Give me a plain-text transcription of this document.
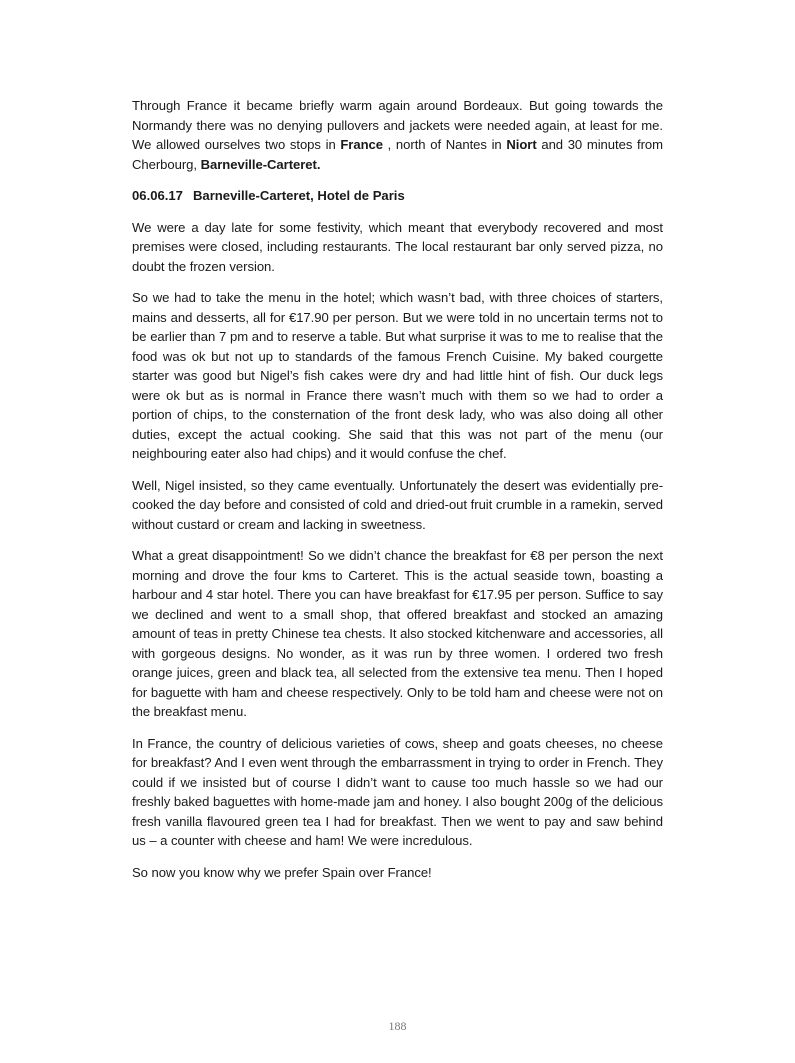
Through France it became briefly warm again around Bordeaux. But going towards the Normandy there was no denying pullovers and jackets were needed again, at least for me. We allowed ourselves two stops in France , north of Nantes in Niort and 30 minutes from Cherbourg, Barneville-Carteret.

06.06.17 Barneville-Carteret, Hotel de Paris

We were a day late for some festivity, which meant that everybody recovered and most premises were closed, including restaurants. The local restaurant bar only served pizza, no doubt the frozen version.

So we had to take the menu in the hotel; which wasn’t bad, with three choices of starters, mains and desserts, all for €17.90 per person. But we were told in no uncertain terms not to be earlier than 7 pm and to reserve a table. But what surprise it was to me to realise that the food was ok but not up to standards of the famous French Cuisine. My baked courgette starter was good but Nigel’s fish cakes were dry and had little hint of fish. Our duck legs were ok but as is normal in France there wasn’t much with them so we had to order a portion of chips, to the consternation of the front desk lady, who was also doing all other duties, except the actual cooking. She said that this was not part of the menu (our neighbouring eater also had chips) and it would confuse the chef.

Well, Nigel insisted, so they came eventually. Unfortunately the desert was evidentially pre-cooked the day before and consisted of cold and dried-out fruit crumble in a ramekin, served without custard or cream and lacking in sweetness.

What a great disappointment! So we didn’t chance the breakfast for €8 per person the next morning and drove the four kms to Carteret. This is the actual seaside town, boasting a harbour and 4 star hotel. There you can have breakfast for €17.95 per person. Suffice to say we declined and went to a small shop, that offered breakfast and stocked an amazing amount of teas in pretty Chinese tea chests. It also stocked kitchenware and accessories, all with gorgeous designs. No wonder, as it was run by three women. I ordered two fresh orange juices, green and black tea, all selected from the extensive tea menu. Then I hoped for baguette with ham and cheese respectively. Only to be told ham and cheese were not on the breakfast menu.

In France, the country of delicious varieties of cows, sheep and goats cheeses, no cheese for breakfast? And I even went through the embarrassment in trying to order in French. They could if we insisted but of course I didn’t want to cause too much hassle so we had our freshly baked baguettes with home-made jam and honey. I also bought 200g of the delicious fresh vanilla flavoured green tea I had for breakfast. Then we went to pay and saw behind us – a counter with cheese and ham! We were incredulous.

So now you know why we prefer Spain over France!

188
